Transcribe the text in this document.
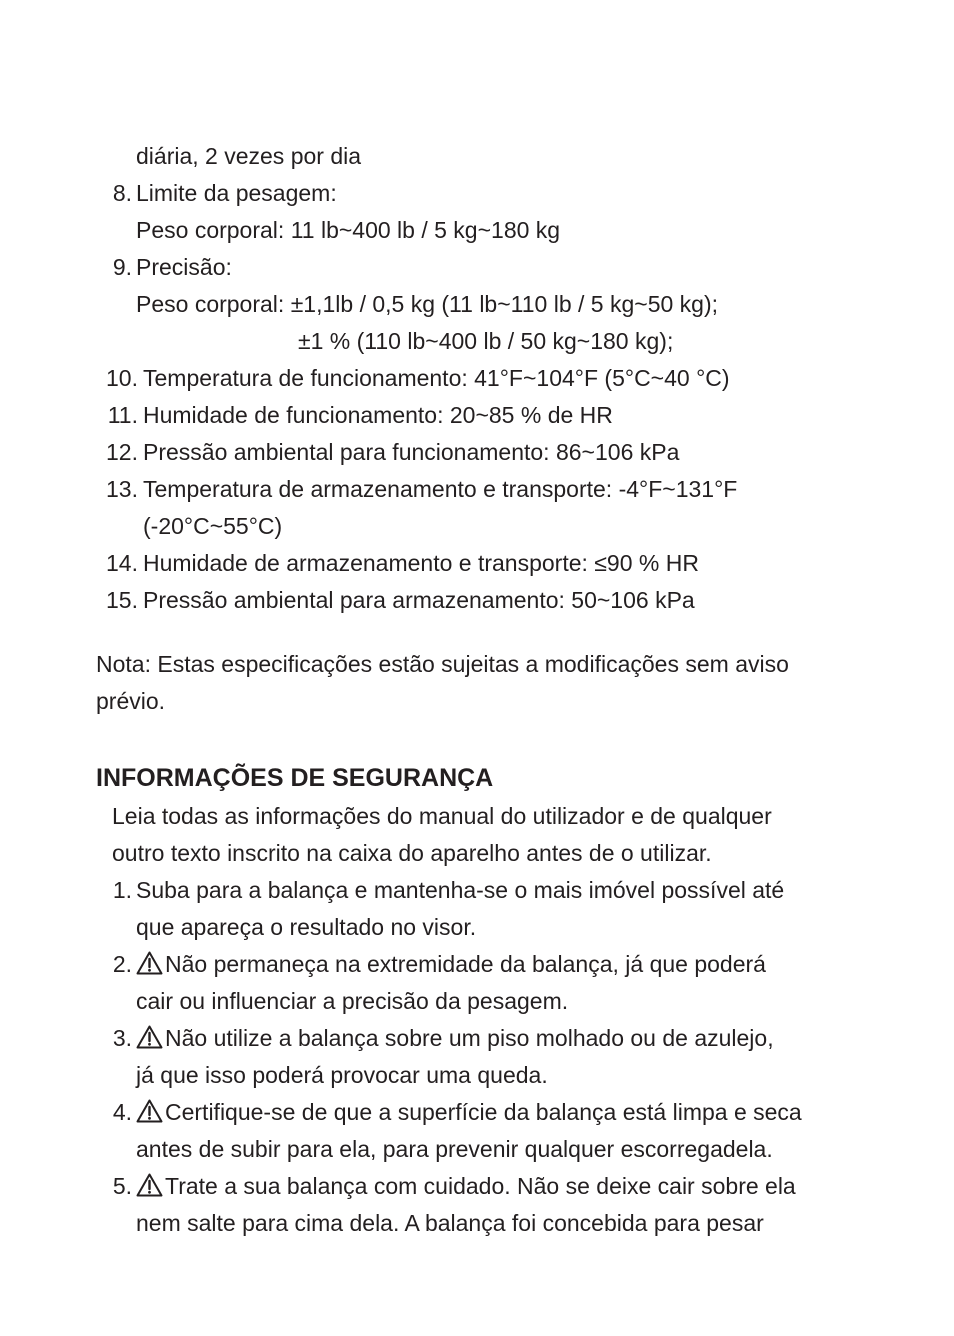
diária, 2 vezes por dia
8. Limite da pesagem:
Peso corporal: 11 lb~400 lb / 5 kg~180 kg
9. Precisão:
Peso corporal: ±1,1lb / 0,5 kg (11 lb~110 lb / 5 kg~50 kg);
±1 % (110 lb~400 lb / 50 kg~180 kg);
10. Temperatura de funcionamento: 41°F~104°F (5°C~40 °C)
11. Humidade de funcionamento: 20~85 % de HR
12. Pressão ambiental para funcionamento: 86~106 kPa
13. Temperatura de armazenamento e transporte: -4°F~131°F
(-20°C~55°C)
14. Humidade de armazenamento e transporte: ≤90 % HR
15. Pressão ambiental para armazenamento: 50~106 kPa
Nota: Estas especificações estão sujeitas a modificações sem aviso
prévio.
INFORMAÇÕES DE SEGURANÇA
Leia todas as informações do manual do utilizador e de qualquer
outro texto inscrito na caixa do aparelho antes de o utilizar.
1. Suba para a balança e mantenha-se o mais imóvel possível até
que apareça o resultado no visor.
2.	Não permaneça na extremidade da balança, já que poderá
cair ou influenciar a precisão da pesagem.
3.	Não utilize a balança sobre um piso molhado ou de azulejo,
já que isso poderá provocar uma queda.
4.	Certifique-se de que a superfície da balança está limpa e seca
antes de subir para ela, para prevenir qualquer escorregadela.
5.	Trate a sua balança com cuidado. Não se deixe cair sobre ela
nem salte para cima dela. A balança foi concebida para pesar
